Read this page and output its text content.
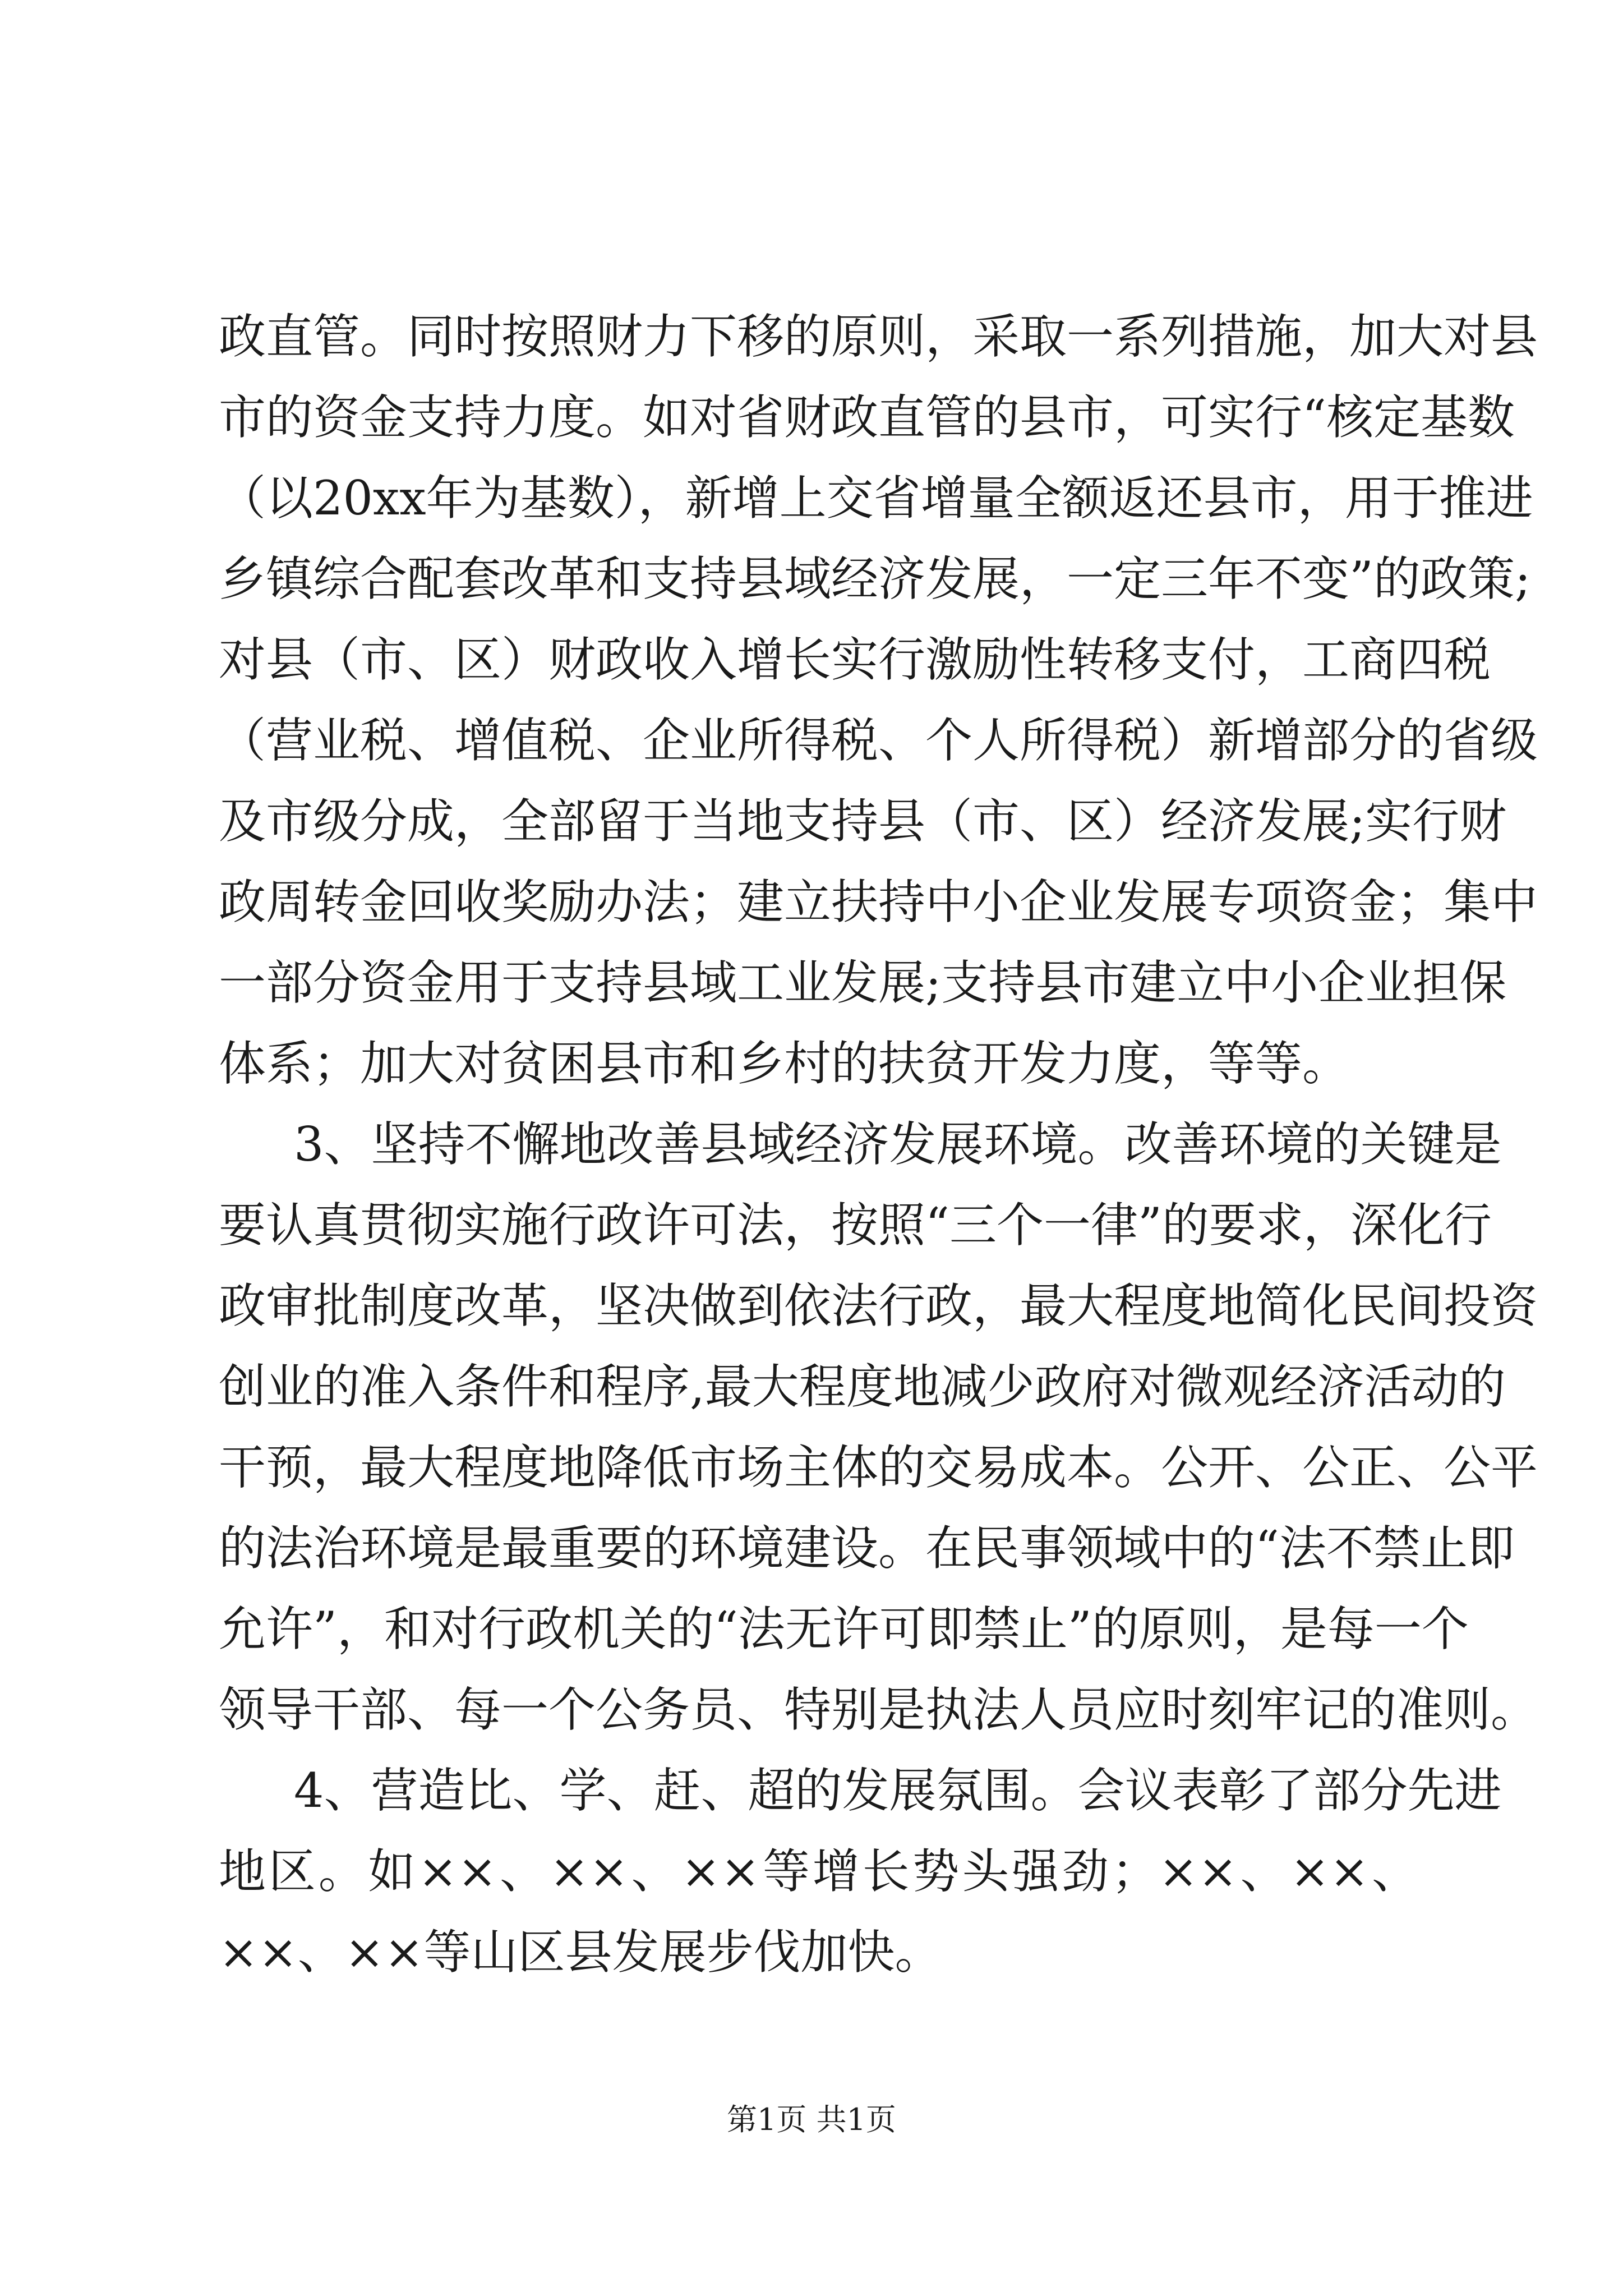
政直管。同时按照财力下移的原则，采取一系列措施，加大对县
市的资金支持力度。如对省财政直管的县市，可实行“核定基数
（以20xx年为基数），新增上交省增量全额返还县市，用于推进
乡镇综合配套改革和支持县域经济发展，一定三年不变”的政策;
对县（市、区）财政收入增长实行激励性转移支付，工商四税
（营业税、增值税、企业所得税、个人所得税）新增部分的省级
及市级分成，全部留于当地支持县（市、区）经济发展;实行财
政周转金回收奖励办法；建立扶持中小企业发展专项资金；集中
一部分资金用于支持县域工业发展;支持县市建立中小企业担保
体系；加大对贫困县市和乡村的扶贫开发力度，等等。
3、坚持不懈地改善县域经济发展环境。改善环境的关键是
要认真贯彻实施行政许可法，按照“三个一律”的要求，深化行
政审批制度改革，坚决做到依法行政，最大程度地简化民间投资
创业的准入条件和程序,最大程度地减少政府对微观经济活动的
干预，最大程度地降低市场主体的交易成本。公开、公正、公平
的法治环境是最重要的环境建设。在民事领域中的“法不禁止即
允许”，和对行政机关的“法无许可即禁止”的原则，是每一个
领导干部、每一个公务员、特别是执法人员应时刻牢记的准则。
4、营造比、学、赶、超的发展氛围。会议表彰了部分先进
地区。如××、××、××等增长势头强劲；××、××、
××、××等山区县发展步伐加快。
第1页 共1页
